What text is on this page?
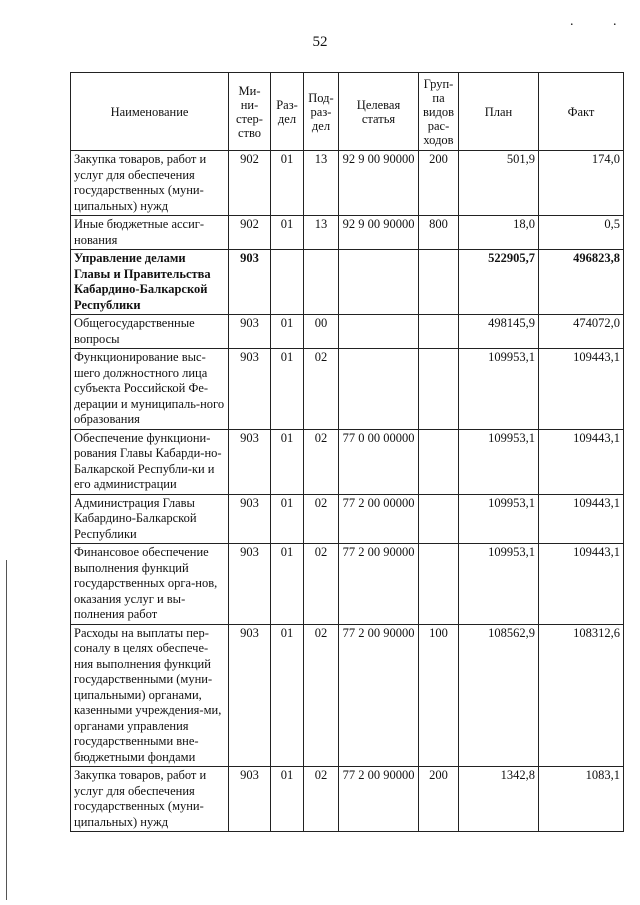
. .
52
Наименование	Ми-
ни-
стер-
ство	Раз-
дел	Под-
раз-
дел	Целевая
статья	Груп-
па
видов
рас-
ходов	План	Факт
Закупка товаров, работ и услуг для обеспечения государственных (муни-ципальных) нужд	902	01	13	92 9 00 90000	200	501,9	174,0
Иные бюджетные ассиг-нования	902	01	13	92 9 00 90000	800	18,0	0,5
Управление делами Главы и Правительства Кабардино-Балкарской Республики	903					522905,7	496823,8
Общегосударственные вопросы	903	01	00			498145,9	474072,0
Функционирование выс-шего должностного лица субъекта Российской Фе-дерации и муниципаль-ного образования	903	01	02			109953,1	109443,1
Обеспечение функциони-рования Главы Кабарди-но-Балкарской Республи-ки и его администрации	903	01	02	77 0 00 00000		109953,1	109443,1
Администрация Главы Кабардино-Балкарской Республики	903	01	02	77 2 00 00000		109953,1	109443,1
Финансовое обеспечение выполнения функций государственных орга-нов, оказания услуг и вы-полнения работ	903	01	02	77 2 00 90000		109953,1	109443,1
Расходы на выплаты пер-соналу в целях обеспече-ния выполнения функций государственными (муни-ципальными) органами, казенными учреждения-ми, органами управления государственными вне-бюджетными фондами	903	01	02	77 2 00 90000	100	108562,9	108312,6
Закупка товаров, работ и услуг для обеспечения государственных (муни-ципальных) нужд	903	01	02	77 2 00 90000	200	1342,8	1083,1
